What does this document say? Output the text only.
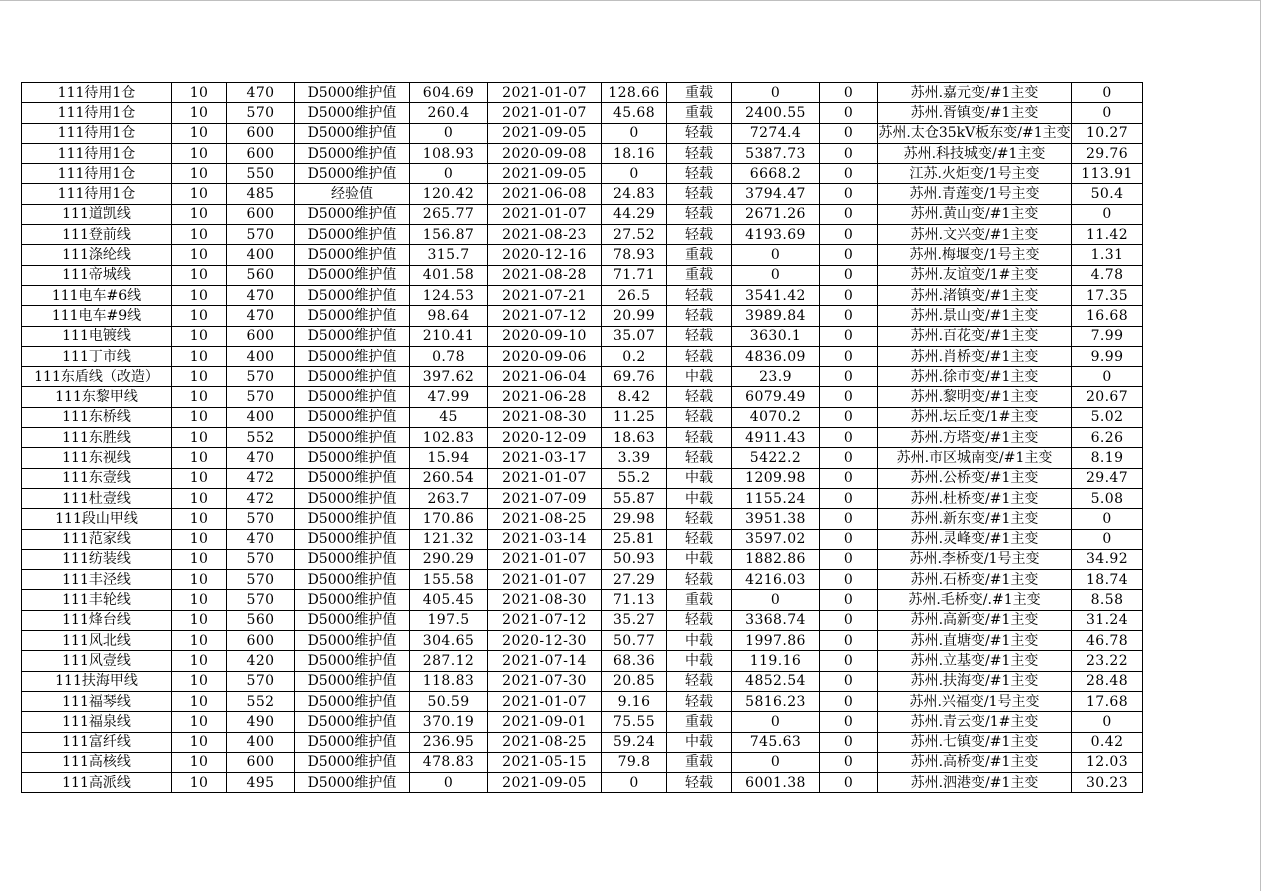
111待用1仓	10	470	D5000维护值	604.69	2021-01-07	128.66	重载	0	0	苏州.嘉元变/#1主变	0
111待用1仓	10	570	D5000维护值	260.4	2021-01-07	45.68	重载	2400.55	0	苏州.胥镇变/#1主变	0
111待用1仓	10	600	D5000维护值	0	2021-09-05	0	轻载	7274.4	0	苏州.太仓35kV板东变/#1主变	10.27
111待用1仓	10	600	D5000维护值	108.93	2020-09-08	18.16	轻载	5387.73	0	苏州.科技城变/#1主变	29.76
111待用1仓	10	550	D5000维护值	0	2021-09-05	0	轻载	6668.2	0	江苏.火炬变/1号主变	113.91
111待用1仓	10	485	经验值	120.42	2021-06-08	24.83	轻载	3794.47	0	苏州.青莲变/1号主变	50.4
111道凯线	10	600	D5000维护值	265.77	2021-01-07	44.29	轻载	2671.26	0	苏州.黄山变/#1主变	0
111登前线	10	570	D5000维护值	156.87	2021-08-23	27.52	轻载	4193.69	0	苏州.文兴变/#1主变	11.42
111涤纶线	10	400	D5000维护值	315.7	2020-12-16	78.93	重载	0	0	苏州.梅堰变/1号主变	1.31
111帝城线	10	560	D5000维护值	401.58	2021-08-28	71.71	重载	0	0	苏州.友谊变/1#主变	4.78
111电车#6线	10	470	D5000维护值	124.53	2021-07-21	26.5	轻载	3541.42	0	苏州.渚镇变/#1主变	17.35
111电车#9线	10	470	D5000维护值	98.64	2021-07-12	20.99	轻载	3989.84	0	苏州.景山变/#1主变	16.68
111电镀线	10	600	D5000维护值	210.41	2020-09-10	35.07	轻载	3630.1	0	苏州.百花变/#1主变	7.99
111丁市线	10	400	D5000维护值	0.78	2020-09-06	0.2	轻载	4836.09	0	苏州.肖桥变/#1主变	9.99
111东盾线（改造）	10	570	D5000维护值	397.62	2021-06-04	69.76	中载	23.9	0	苏州.徐市变/#1主变	0
111东黎甲线	10	570	D5000维护值	47.99	2021-06-28	8.42	轻载	6079.49	0	苏州.黎明变/#1主变	20.67
111东桥线	10	400	D5000维护值	45	2021-08-30	11.25	轻载	4070.2	0	苏州.坛丘变/1#主变	5.02
111东胜线	10	552	D5000维护值	102.83	2020-12-09	18.63	轻载	4911.43	0	苏州.方塔变/#1主变	6.26
111东视线	10	470	D5000维护值	15.94	2021-03-17	3.39	轻载	5422.2	0	苏州.市区城南变/#1主变	8.19
111东壹线	10	472	D5000维护值	260.54	2021-01-07	55.2	中载	1209.98	0	苏州.公桥变/#1主变	29.47
111杜壹线	10	472	D5000维护值	263.7	2021-07-09	55.87	中载	1155.24	0	苏州.杜桥变/#1主变	5.08
111段山甲线	10	570	D5000维护值	170.86	2021-08-25	29.98	轻载	3951.38	0	苏州.新东变/#1主变	0
111范家线	10	470	D5000维护值	121.32	2021-03-14	25.81	轻载	3597.02	0	苏州.灵峰变/#1主变	0
111纺装线	10	570	D5000维护值	290.29	2021-01-07	50.93	中载	1882.86	0	苏州.李桥变/1号主变	34.92
111丰泾线	10	570	D5000维护值	155.58	2021-01-07	27.29	轻载	4216.03	0	苏州.石桥变/#1主变	18.74
111丰轮线	10	570	D5000维护值	405.45	2021-08-30	71.13	重载	0	0	苏州.毛桥变/.#1主变	8.58
111烽台线	10	560	D5000维护值	197.5	2021-07-12	35.27	轻载	3368.74	0	苏州.高新变/#1主变	31.24
111风北线	10	600	D5000维护值	304.65	2020-12-30	50.77	中载	1997.86	0	苏州.直塘变/#1主变	46.78
111风壹线	10	420	D5000维护值	287.12	2021-07-14	68.36	中载	119.16	0	苏州.立基变/#1主变	23.22
111扶海甲线	10	570	D5000维护值	118.83	2021-07-30	20.85	轻载	4852.54	0	苏州.扶海变/#1主变	28.48
111福琴线	10	552	D5000维护值	50.59	2021-01-07	9.16	轻载	5816.23	0	苏州.兴福变/1号主变	17.68
111福泉线	10	490	D5000维护值	370.19	2021-09-01	75.55	重载	0	0	苏州.青云变/1#主变	0
111富纤线	10	400	D5000维护值	236.95	2021-08-25	59.24	中载	745.63	0	苏州.七镇变/#1主变	0.42
111高核线	10	600	D5000维护值	478.83	2021-05-15	79.8	重载	0	0	苏州.高桥变/#1主变	12.03
111高派线	10	495	D5000维护值	0	2021-09-05	0	轻载	6001.38	0	苏州.泗港变/#1主变	30.23
